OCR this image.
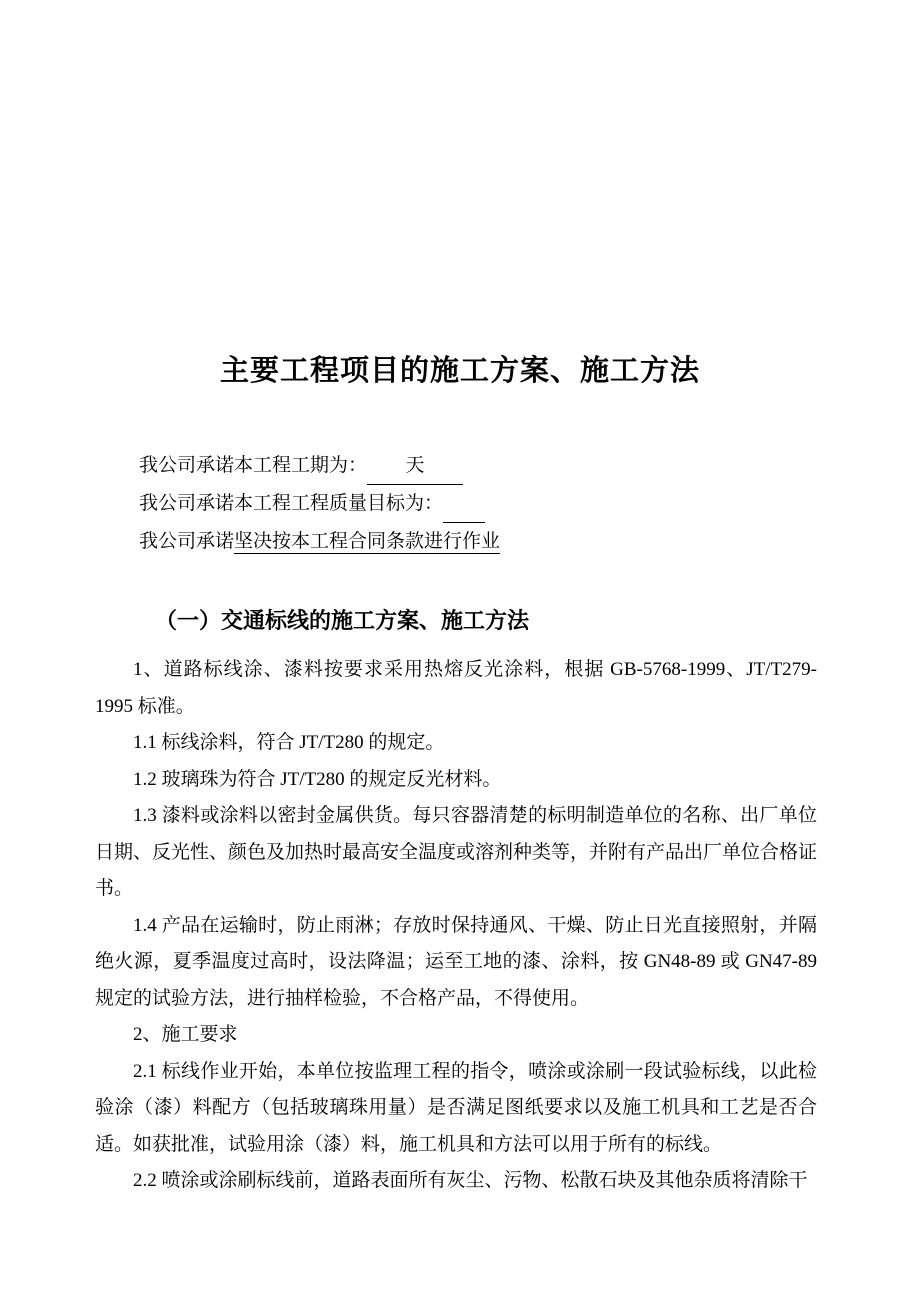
主要工程项目的施工方案、施工方法

我公司承诺本工程工期为： 天

我公司承诺本工程工程质量目标为：

我公司承诺坚决按本工程合同条款进行作业

（一）交通标线的施工方案、施工方法

1、道路标线涂、漆料按要求采用热熔反光涂料，根据 GB-5768-1999、JT/T279-1995 标准。

1.1 标线涂料，符合 JT/T280 的规定。

1.2 玻璃珠为符合 JT/T280 的规定反光材料。

1.3 漆料或涂料以密封金属供货。每只容器清楚的标明制造单位的名称、出厂单位日期、反光性、颜色及加热时最高安全温度或溶剂种类等，并附有产品出厂单位合格证书。

1.4 产品在运输时，防止雨淋；存放时保持通风、干燥、防止日光直接照射，并隔绝火源，夏季温度过高时，设法降温；运至工地的漆、涂料，按 GN48-89 或 GN47-89 规定的试验方法，进行抽样检验，不合格产品，不得使用。

2、施工要求

2.1 标线作业开始，本单位按监理工程的指令，喷涂或涂刷一段试验标线，以此检验涂（漆）料配方（包括玻璃珠用量）是否满足图纸要求以及施工机具和工艺是否合适。如获批准，试验用涂（漆）料，施工机具和方法可以用于所有的标线。

2.2 喷涂或涂刷标线前，道路表面所有灰尘、污物、松散石块及其他杂质将清除干
